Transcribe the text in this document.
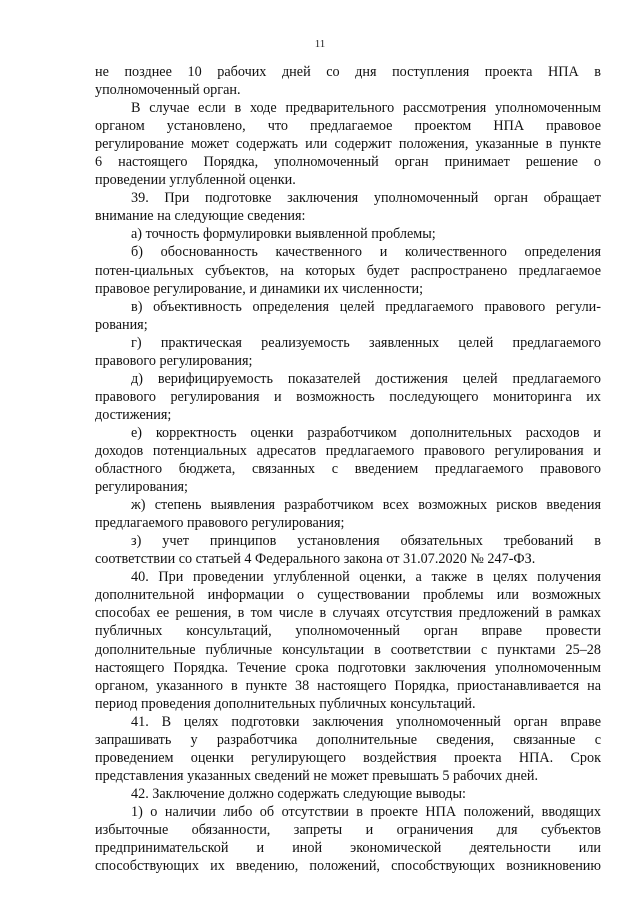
11
не позднее 10 рабочих дней со дня поступления проекта НПА в
уполномоченный орган.
В случае если в ходе предварительного рассмотрения уполномоченным
органом установлено, что предлагаемое проектом НПА правовое
регулирование может содержать или содержит положения, указанные в пункте
6 настоящего Порядка, уполномоченный орган принимает решение о
проведении углубленной оценки.
39. При подготовке заключения уполномоченный орган обращает
внимание на следующие сведения:
а) точность формулировки выявленной проблемы;
б) обоснованность качественного и количественного определения
потен-циальных субъектов, на которых будет распространено предлагаемое
правовое регулирование, и динамики их численности;
в) объективность определения целей предлагаемого правового регули-
рования;
г) практическая реализуемость заявленных целей предлагаемого
правового регулирования;
д) верифицируемость показателей достижения целей предлагаемого
правового регулирования и возможность последующего мониторинга их
достижения;
е) корректность оценки разработчиком дополнительных расходов и
доходов потенциальных адресатов предлагаемого правового регулирования и
областного бюджета, связанных с введением предлагаемого правового
регулирования;
ж) степень выявления разработчиком всех возможных рисков введения
предлагаемого правового регулирования;
з) учет принципов установления обязательных требований в
соответствии со статьей 4 Федерального закона от 31.07.2020 № 247-ФЗ.
40. При проведении углубленной оценки, а также в целях получения
дополнительной информации о существовании проблемы или возможных
способах ее решения, в том числе в случаях отсутствия предложений в рамках
публичных консультаций, уполномоченный орган вправе провести
дополнительные публичные консультации в соответствии с пунктами 25–28
настоящего Порядка. Течение срока подготовки заключения уполномоченным
органом, указанного в пункте 38 настоящего Порядка, приостанавливается на
период проведения дополнительных публичных консультаций.
41. В целях подготовки заключения уполномоченный орган вправе
запрашивать у разработчика дополнительные сведения, связанные с
проведением оценки регулирующего воздействия проекта НПА. Срок
представления указанных сведений не может превышать 5 рабочих дней.
42. Заключение должно содержать следующие выводы:
1) о наличии либо об отсутствии в проекте НПА положений, вводящих
избыточные обязанности, запреты и ограничения для субъектов
предпринимательской и иной экономической деятельности или
способствующих их введению, положений, способствующих возникновению
